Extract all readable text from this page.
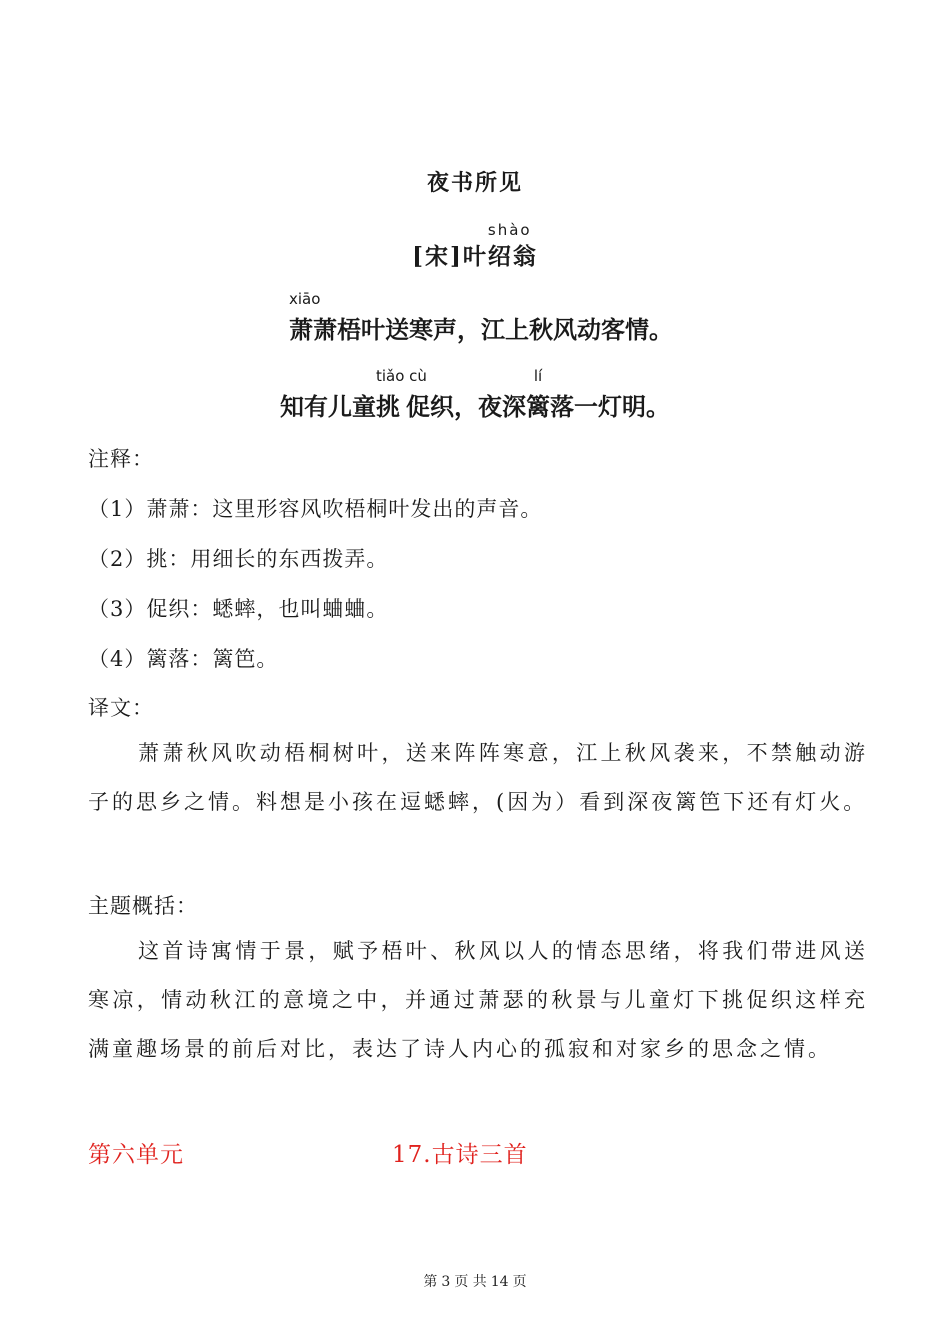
夜书所见
[宋]叶
shào
绍翁
xiāo
萧萧梧叶送寒声，江上秋风动客情。
知有儿童
tiǎo
挑
cù
促织，夜深
lí
篱落一灯明。
注释：
（1）萧萧：这里形容风吹梧桐叶发出的声音。
（2）挑：用细长的东西拨弄。
（3）促织：蟋蟀，也叫蛐蛐。
（4）篱落：篱笆。
译文：
萧萧秋风吹动梧桐树叶，送来阵阵寒意，江上秋风袭来，不禁触动游子的思乡之情。料想是小孩在逗蟋蟀，(因为）看到深夜篱笆下还有灯火。
主题概括：
这首诗寓情于景，赋予梧叶、秋风以人的情态思绪，将我们带进风送寒凉，情动秋江的意境之中，并通过萧瑟的秋景与儿童灯下挑促织这样充满童趣场景的前后对比，表达了诗人内心的孤寂和对家乡的思念之情。
第六单元	17.古诗三首
第 3 页 共 14 页
